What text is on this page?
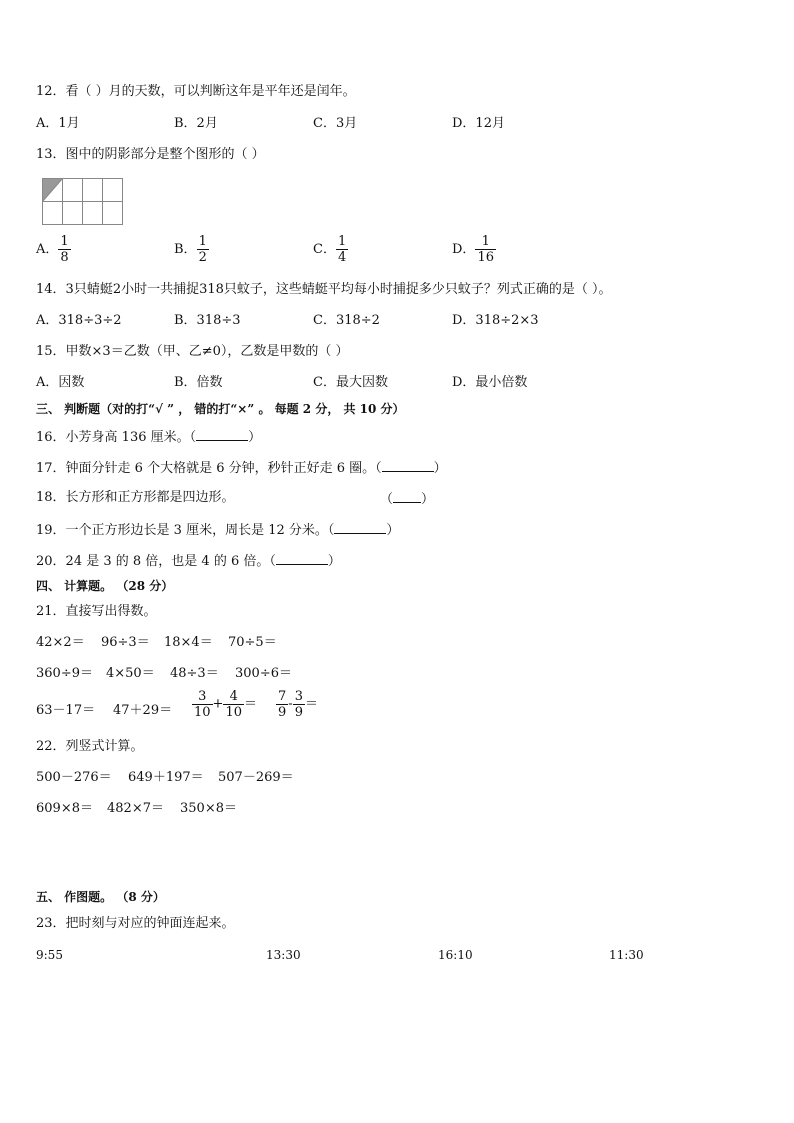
12．看（ ）月的天数，可以判断这年是平年还是闰年。
A．1月	B．2月	C．3月	D．12月
13．图中的阴影部分是整个图形的（ ）
A． $\frac{1}{8}$	B． $\frac{1}{2}$	C． $\frac{1}{4}$	D． $\frac{1}{16}$
14．3只蜻蜓2小时一共捕捉318只蚊子，这些蜻蜓平均每小时捕捉多少只蚊子？列式正确的是（ ）。
A．318÷3÷2	B．318÷3	C．318÷2	D．318÷2×3
15．甲数×3＝乙数（甲、乙≠0），乙数是甲数的（ ）
A．因数	B．倍数	C．最大因数	D．最小倍数
三、 判断题（对的打“√ ” ， 错的打“×” 。 每题 2 分， 共 10 分）
16．小芳身高 136 厘米。（	）
17．钟面分针走 6 个大格就是 6 分钟，秒针正好走 6 圈。（	）
18．长方形和正方形都是四边形。	（ ）
19．一个正方形边长是 3 厘米，周长是 12 分米。（	）
20．24 是 3 的 8 倍，也是 4 的 6 倍。（	）
四、 计算题。 （28 分）
21．直接写出得数。
42×2＝ 96÷3＝ 18×4＝ 70÷5＝
360÷9＝ 4×50＝ 48÷3＝ 300÷6＝
$63-17= 47+29= \frac{3}{10} + \frac{4}{10} = \frac{7}{9} - \frac{3}{9}$ ＝
22．列竖式计算。
500－276＝ 649＋197＝ 507－269＝
609×8＝ 482×7＝ 350×8＝
五、 作图题。 （8 分）
23．把时刻与对应的钟面连起来。
9:55	13:30	16:10	11:30
